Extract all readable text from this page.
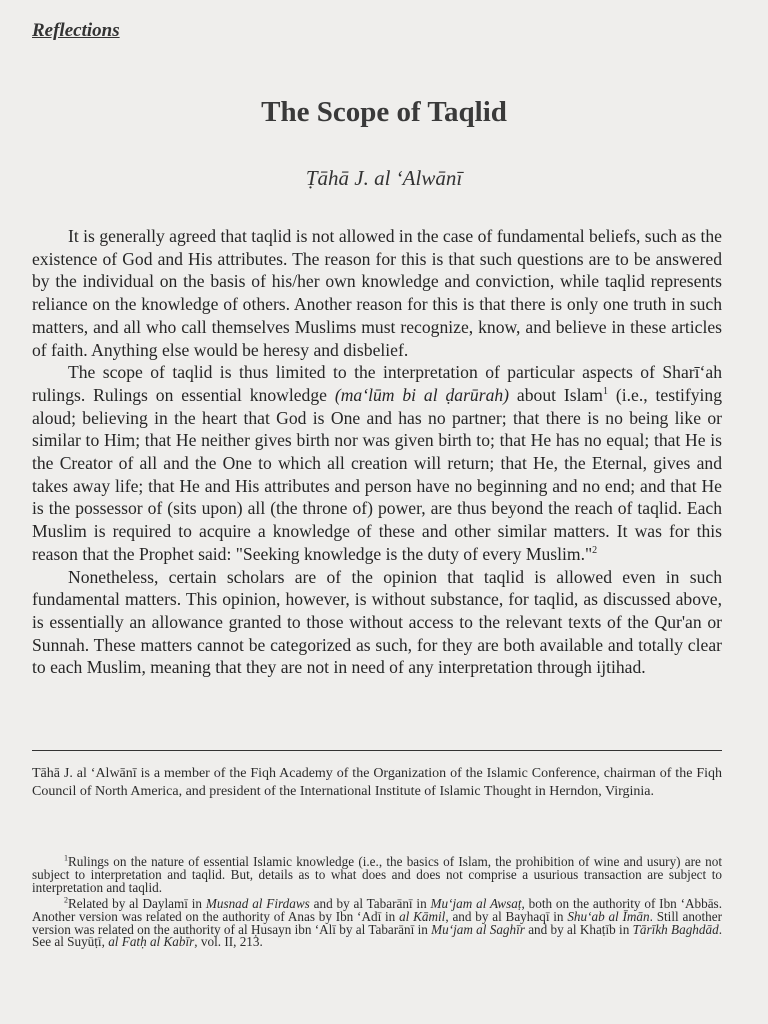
Reflections
The Scope of Taqlid
Ṭāhā J. al ‘Alwānī

It is generally agreed that taqlid is not allowed in the case of fundamental beliefs, such as the existence of God and His attributes. The reason for this is that such questions are to be answered by the individual on the basis of his/her own knowledge and conviction, while taqlid represents reliance on the knowledge of others. Another reason for this is that there is only one truth in such matters, and all who call themselves Muslims must recognize, know, and believe in these articles of faith. Anything else would be heresy and disbelief.

The scope of taqlid is thus limited to the interpretation of particular aspects of Sharī‘ah rulings. Rulings on essential knowledge (ma‘lūm bi al ḍarūrah) about Islam$^1$ (i.e., testifying aloud; believing in the heart that God is One and has no partner; that there is no being like or similar to Him; that He neither gives birth nor was given birth to; that He has no equal; that He is the Creator of all and the One to which all creation will return; that He, the Eternal, gives and takes away life; that He and His attributes and person have no beginning and no end; and that He is the possessor of (sits upon) all (the throne of) power, are thus beyond the reach of taqlid. Each Muslim is required to acquire a knowledge of these and other similar matters. It was for this reason that the Prophet said: "Seeking knowledge is the duty of every Muslim."$^2$

Nonetheless, certain scholars are of the opinion that taqlid is allowed even in such fundamental matters. This opinion, however, is without substance, for taqlid, as discussed above, is essentially an allowance granted to those without access to the relevant texts of the Qur'an or Sunnah. These matters cannot be categorized as such, for they are both available and totally clear to each Muslim, meaning that they are not in need of any interpretation through ijtihad.

Tāhā J. al ‘Alwānī is a member of the Fiqh Academy of the Organization of the Islamic Conference, chairman of the Fiqh Council of North America, and president of the International Institute of Islamic Thought in Herndon, Virginia.

$^1$Rulings on the nature of essential Islamic knowledge (i.e., the basics of Islam, the prohibition of wine and usury) are not subject to interpretation and taqlid. But, details as to what does and does not comprise a usurious transaction are subject to interpretation and taqlid.

$^2$Related by al Daylamī in Musnad al Firdaws and by al Tabarānī in Mu‘jam al Awsaṭ, both on the authority of Ibn ‘Abbās. Another version was related on the authority of Anas by Ibn ‘Adī in al Kāmil, and by al Bayhaqī in Shu‘ab al Īmān. Still another version was related on the authority of al Ḥusayn ibn ‘Alī by al Tabarānī in Mu‘jam al Saghīr and by al Khaṭīb in Tārīkh Baghdād. See al Suyūṭī, al Fatḥ al Kabīr, vol. II, 213.
